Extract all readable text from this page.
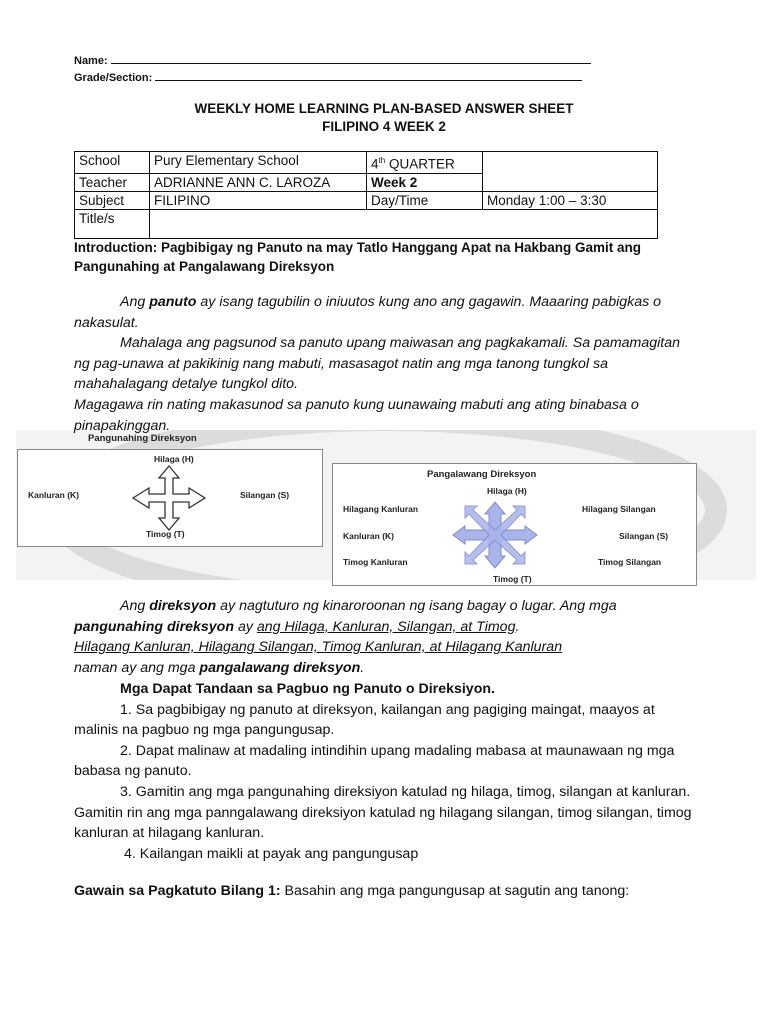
Name:
Grade/Section:
WEEKLY HOME LEARNING PLAN-BASED ANSWER SHEET
FILIPINO 4 WEEK 2
School	Pury Elementary School	4th QUARTER	
Teacher	ADRIANNE ANN C. LAROZA	Week 2	
Subject	FILIPINO	Day/Time	Monday 1:00 – 3:30
Title/s			
Introduction: Pagbibigay ng Panuto na may Tatlo Hanggang Apat na Hakbang Gamit ang Pangunahing at Pangalawang Direksyon
Ang panuto ay isang tagubilin o iniuutos kung ano ang gagawin. Maaaring pabigkas o nakasulat.
Mahalaga ang pagsunod sa panuto upang maiwasan ang pagkakamali. Sa pamamagitan ng pag-unawa at pakikinig nang mabuti, masasagot natin ang mga tanong tungkol sa mahahalagang detalye tungkol dito.
Magagawa rin nating makasunod sa panuto kung uunawaing mabuti ang ating binabasa o pinapakinggan.
Pangunahing Direksyon
Hilaga (H)
Kanluran (K)	Silangan (S)
Timog (T)
Pangalawang Direksyon
Hilaga (H)
Hilagang Kanluran	Hilagang Silangan
Kanluran (K)	Silangan (S)
Timog Kanluran	Timog Silangan
Timog (T)
Ang direksyon ay nagtuturo ng kinaroroonan ng isang bagay o lugar. Ang mga pangunahing direksyon ay ang Hilaga, Kanluran, Silangan, at Timog.
Hilagang Kanluran, Hilagang Silangan, Timog Kanluran, at Hilagang Kanluran
naman ay ang mga pangalawang direksyon.
Mga Dapat Tandaan sa Pagbuo ng Panuto o Direksiyon.
1. Sa pagbibigay ng panuto at direksyon, kailangan ang pagiging maingat, maayos at malinis na pagbuo ng mga pangungusap.
2. Dapat malinaw at madaling intindihin upang madaling mabasa at maunawaan ng mga babasa ng panuto.
3. Gamitin ang mga pangunahing direksiyon katulad ng hilaga, timog, silangan at kanluran. Gamitin rin ang mga panngalawang direksiyon katulad ng hilagang silangan, timog silangan, timog kanluran at hilagang kanluran.
4. Kailangan maikli at payak ang pangungusap
Gawain sa Pagkatuto Bilang 1: Basahin ang mga pangungusap at sagutin ang tanong:
